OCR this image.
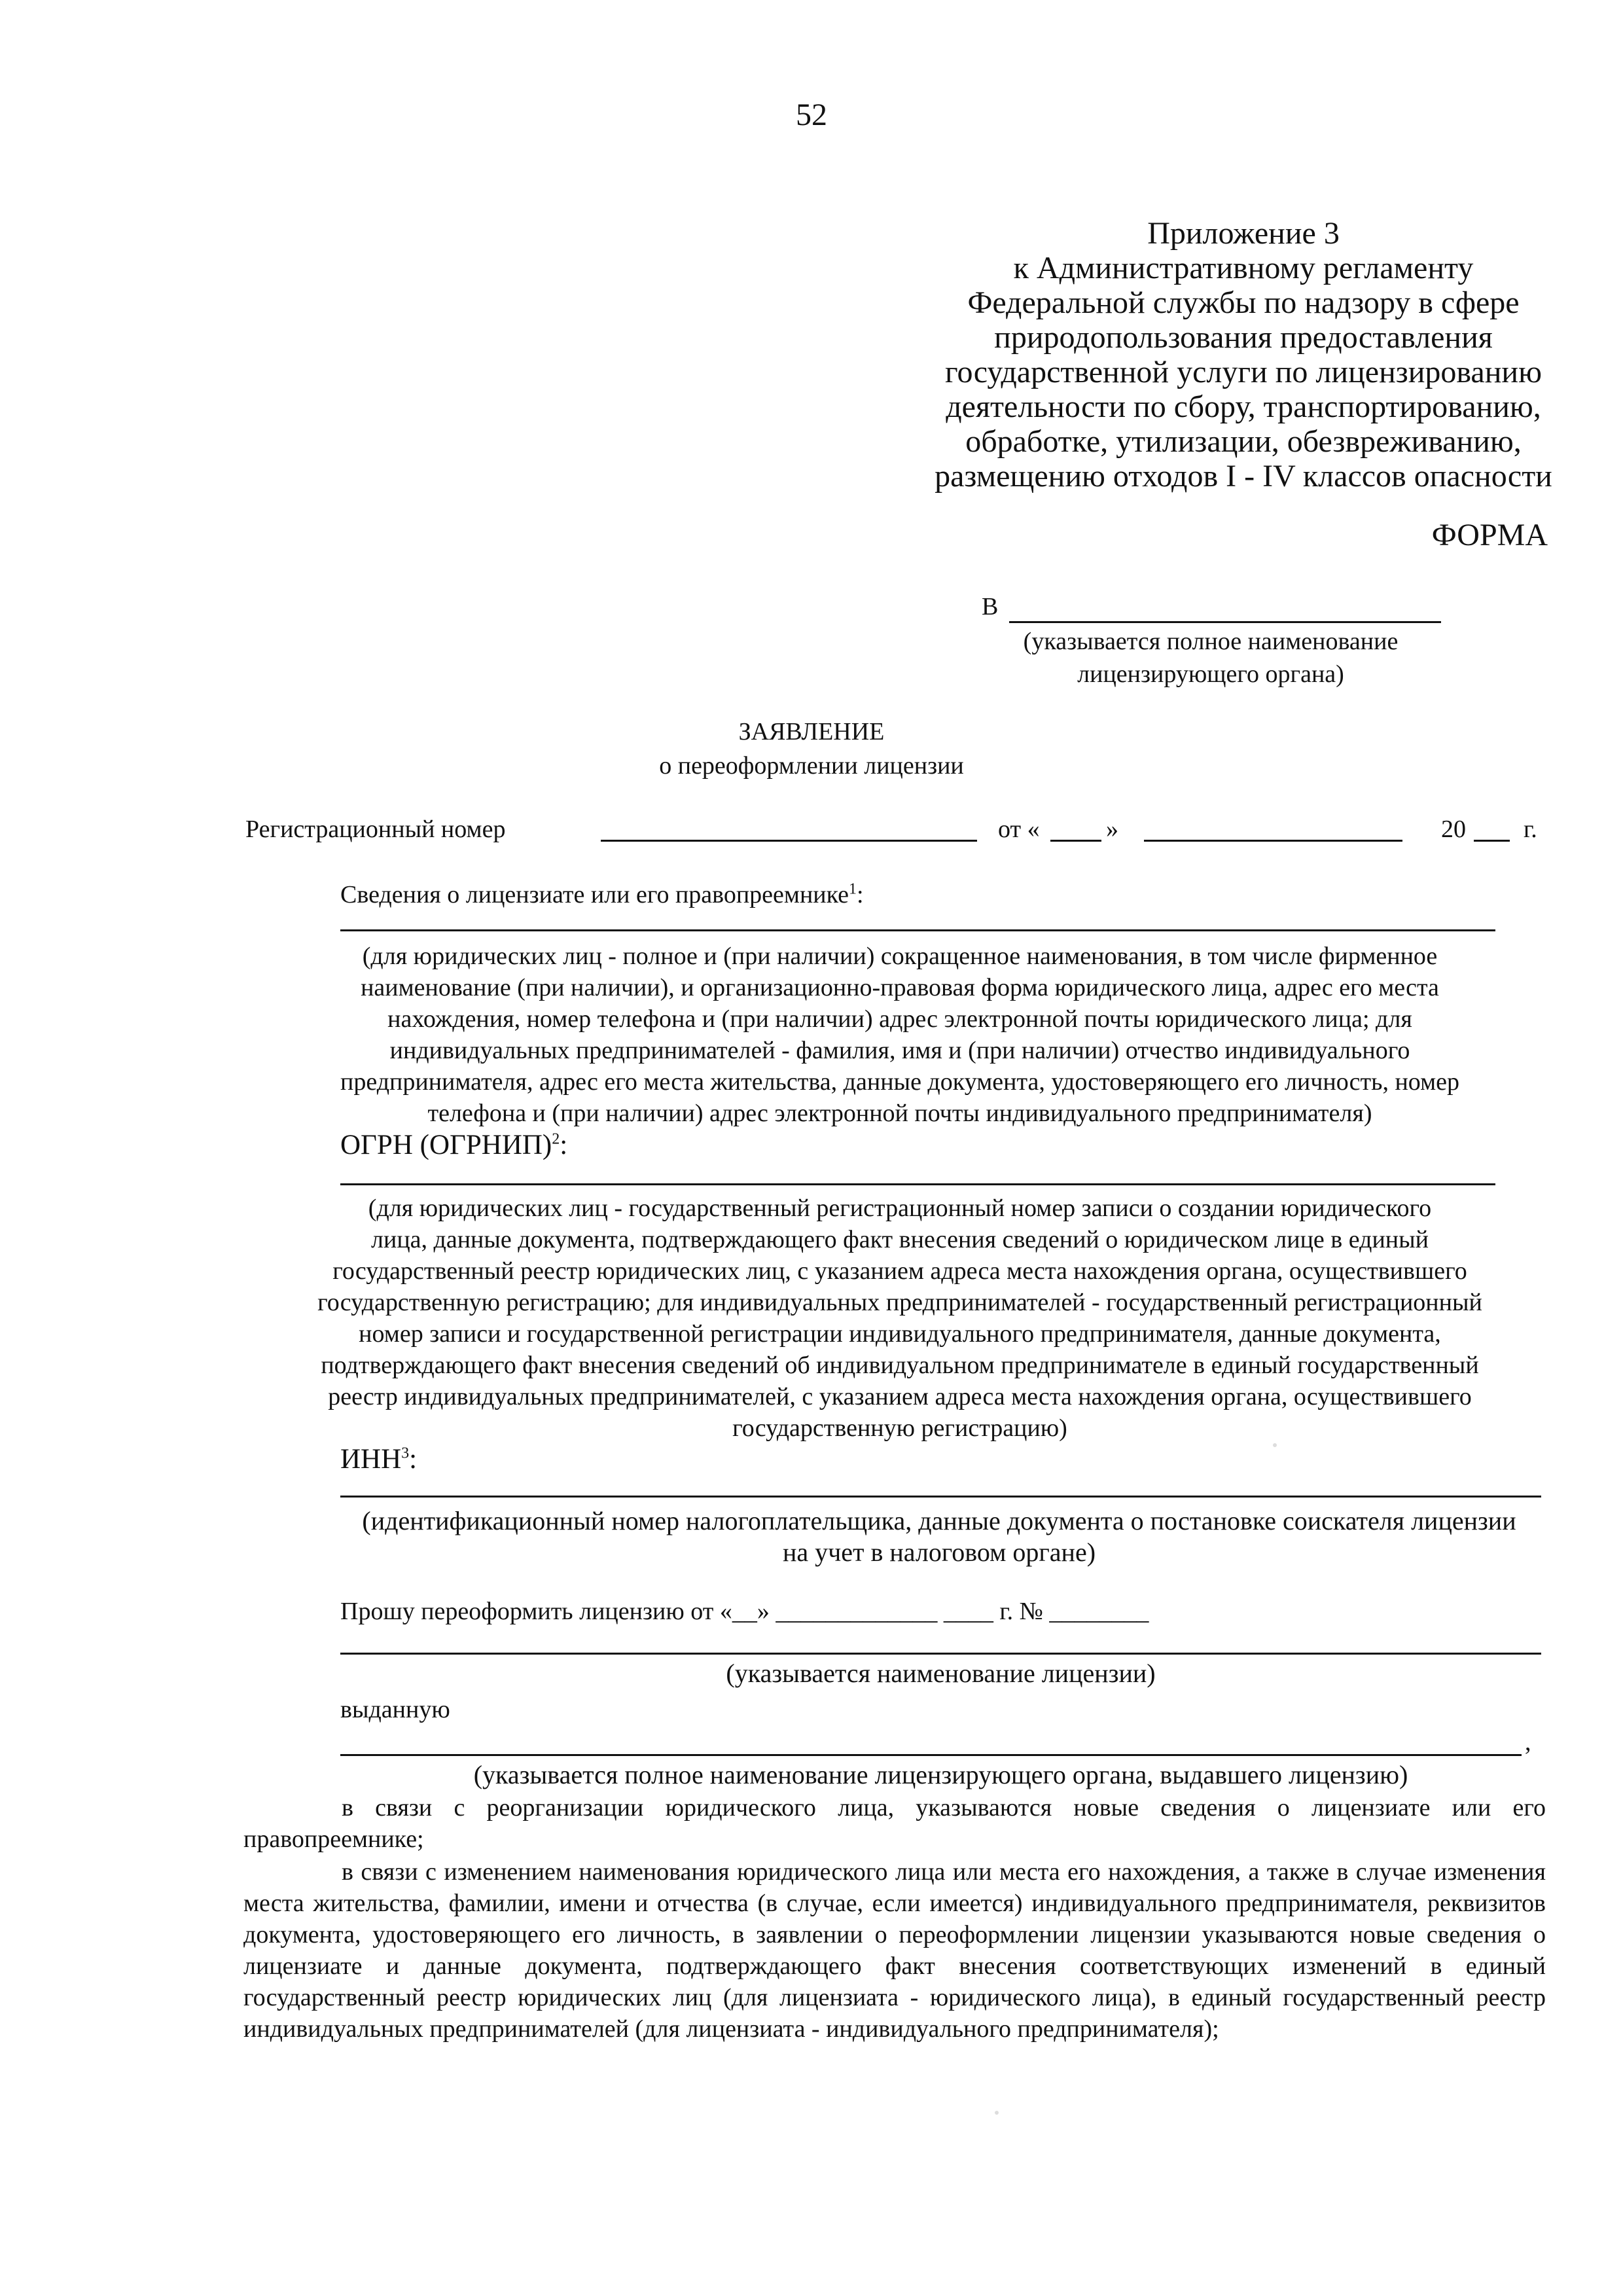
52
Приложение 3
к Административному регламенту
Федеральной службы по надзору в сфере
природопользования предоставления
государственной услуги по лицензированию
деятельности по сбору, транспортированию,
обработке, утилизации, обезвреживанию,
размещению отходов I - IV классов опасности
ФОРМА
В
(указывается полное наименование
лицензирующего органа)
ЗАЯВЛЕНИЕ
о переоформлении лицензии
Регистрационный номер	от «	»	20 г.
Сведения о лицензиате или его правопреемнике$^1$:
(для юридических лиц - полное и (при наличии) сокращенное наименования, в том числе фирменное
наименование (при наличии), и организационно-правовая форма юридического лица, адрес его места
нахождения, номер телефона и (при наличии) адрес электронной почты юридического лица; для
индивидуальных предпринимателей - фамилия, имя и (при наличии) отчество индивидуального
предпринимателя, адрес его места жительства, данные документа, удостоверяющего его личность, номер
телефона и (при наличии) адрес электронной почты индивидуального предпринимателя)
ОГРН (ОГРНИП)$^2$:
(для юридических лиц - государственный регистрационный номер записи о создании юридического
лица, данные документа, подтверждающего факт внесения сведений о юридическом лице в единый
государственный реестр юридических лиц, с указанием адреса места нахождения органа, осуществившего
государственную регистрацию; для индивидуальных предпринимателей - государственный регистрационный
номер записи и государственной регистрации индивидуального предпринимателя, данные документа,
подтверждающего факт внесения сведений об индивидуальном предпринимателе в единый государственный
реестр индивидуальных предпринимателей, с указанием адреса места нахождения органа, осуществившего
государственную регистрацию)
ИНН$^3$:
(идентификационный номер налогоплательщика, данные документа о постановке соискателя лицензии
на учет в налоговом органе)
Прошу переоформить лицензию от «__» _____________ ____ г. № ________
(указывается наименование лицензии)
выданную
,
(указывается полное наименование лицензирующего органа, выдавшего лицензию)
в связи с реорганизации юридического лица, указываются новые сведения о лицензиате или его правопреемнике;
в связи с изменением наименования юридического лица или места его нахождения, а также в случае изменения места жительства, фамилии, имени и отчества (в случае, если имеется) индивидуального предпринимателя, реквизитов документа, удостоверяющего его личность, в заявлении о переоформлении лицензии указываются новые сведения о лицензиате и данные документа, подтверждающего факт внесения соответствующих изменений в единый государственный реестр юридических лиц (для лицензиата - юридического лица), в единый государственный реестр индивидуальных предпринимателей (для лицензиата - индивидуального предпринимателя);
